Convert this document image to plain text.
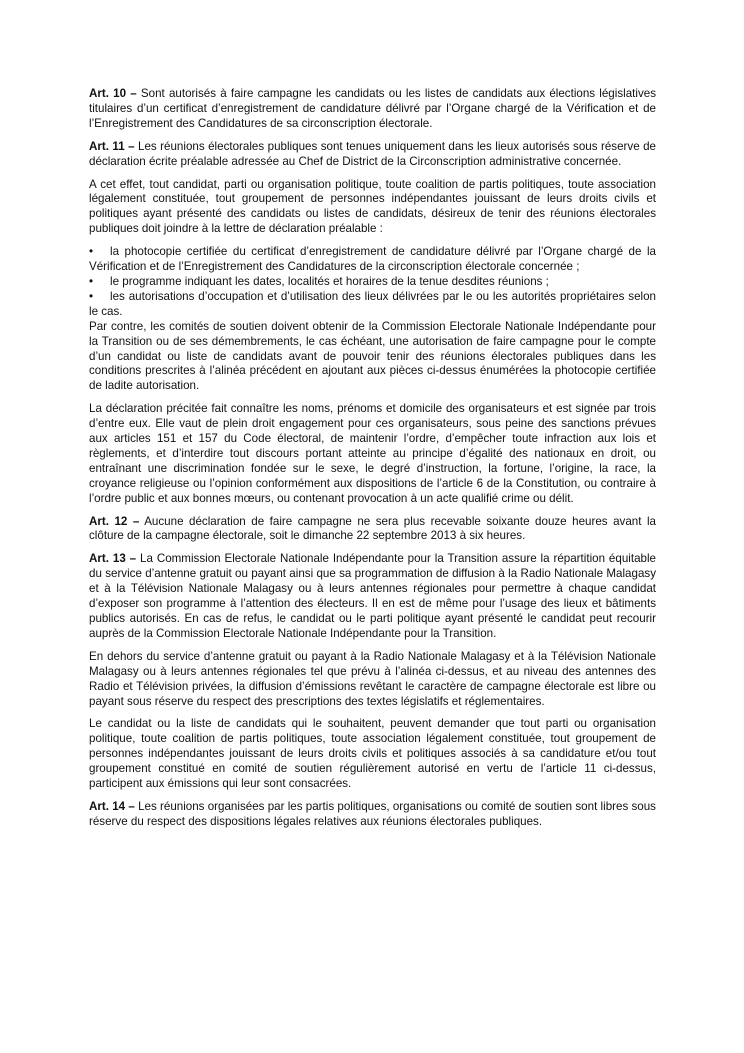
Art. 10 – Sont autorisés à faire campagne les candidats ou les listes de candidats aux élections législatives titulaires d’un certificat d’enregistrement de candidature délivré par l’Organe chargé de la Vérification et de l’Enregistrement des Candidatures de sa circonscription électorale.

Art. 11 – Les réunions électorales publiques sont tenues uniquement dans les lieux autorisés sous réserve de déclaration écrite préalable adressée au Chef de District de la Circonscription administrative concernée.

A cet effet, tout candidat, parti ou organisation politique, toute coalition de partis politiques, toute association légalement constituée, tout groupement de personnes indépendantes jouissant de leurs droits civils et politiques ayant présenté des candidats ou listes de candidats, désireux de tenir des réunions électorales publiques doit joindre à la lettre de déclaration préalable :

• la photocopie certifiée du certificat d’enregistrement de candidature délivré par l’Organe chargé de la Vérification et de l’Enregistrement des Candidatures de la circonscription électorale concernée ;
• le programme indiquant les dates, localités et horaires de la tenue desdites réunions ;
• les autorisations d’occupation et d’utilisation des lieux délivrées par le ou les autorités propriétaires selon le cas.

Par contre, les comités de soutien doivent obtenir de la Commission Electorale Nationale Indépendante pour la Transition ou de ses démembrements, le cas échéant, une autorisation de faire campagne pour le compte d’un candidat ou liste de candidats avant de pouvoir tenir des réunions électorales publiques dans les conditions prescrites à l’alinéa précédent en ajoutant aux pièces ci-dessus énumérées la photocopie certifiée de ladite autorisation.

La déclaration précitée fait connaître les noms, prénoms et domicile des organisateurs et est signée par trois d’entre eux. Elle vaut de plein droit engagement pour ces organisateurs, sous peine des sanctions prévues aux articles 151 et 157 du Code électoral, de maintenir l’ordre, d’empêcher toute infraction aux lois et règlements, et d’interdire tout discours portant atteinte au principe d’égalité des nationaux en droit, ou entraînant une discrimination fondée sur le sexe, le degré d’instruction, la fortune, l’origine, la race, la croyance religieuse ou l’opinion conformément aux dispositions de l’article 6 de la Constitution, ou contraire à l’ordre public et aux bonnes mœurs, ou contenant provocation à un acte qualifié crime ou délit.

Art. 12 – Aucune déclaration de faire campagne ne sera plus recevable soixante douze heures avant la clôture de la campagne électorale, soit le dimanche 22 septembre 2013 à six heures.

Art. 13 – La Commission Electorale Nationale Indépendante pour la Transition assure la répartition équitable du service d’antenne gratuit ou payant ainsi que sa programmation de diffusion à la Radio Nationale Malagasy et à la Télévision Nationale Malagasy ou à leurs antennes régionales pour permettre à chaque candidat d’exposer son programme à l’attention des électeurs. Il en est de même pour l’usage des lieux et bâtiments publics autorisés. En cas de refus, le candidat ou le parti politique ayant présenté le candidat peut recourir auprès de la Commission Electorale Nationale Indépendante pour la Transition.

En dehors du service d’antenne gratuit ou payant à la Radio Nationale Malagasy et à la Télévision Nationale Malagasy ou à leurs antennes régionales tel que prévu à l’alinéa ci-dessus, et au niveau des antennes des Radio et Télévision privées, la diffusion d’émissions revêtant le caractère de campagne électorale est libre ou payant sous réserve du respect des prescriptions des textes législatifs et réglementaires.

Le candidat ou la liste de candidats qui le souhaitent, peuvent demander que tout parti ou organisation politique, toute coalition de partis politiques, toute association légalement constituée, tout groupement de personnes indépendantes jouissant de leurs droits civils et politiques associés à sa candidature et/ou tout groupement constitué en comité de soutien régulièrement autorisé en vertu de l’article 11 ci-dessus, participent aux émissions qui leur sont consacrées.

Art. 14 – Les réunions organisées par les partis politiques, organisations ou comité de soutien sont libres sous réserve du respect des dispositions légales relatives aux réunions électorales publiques.
